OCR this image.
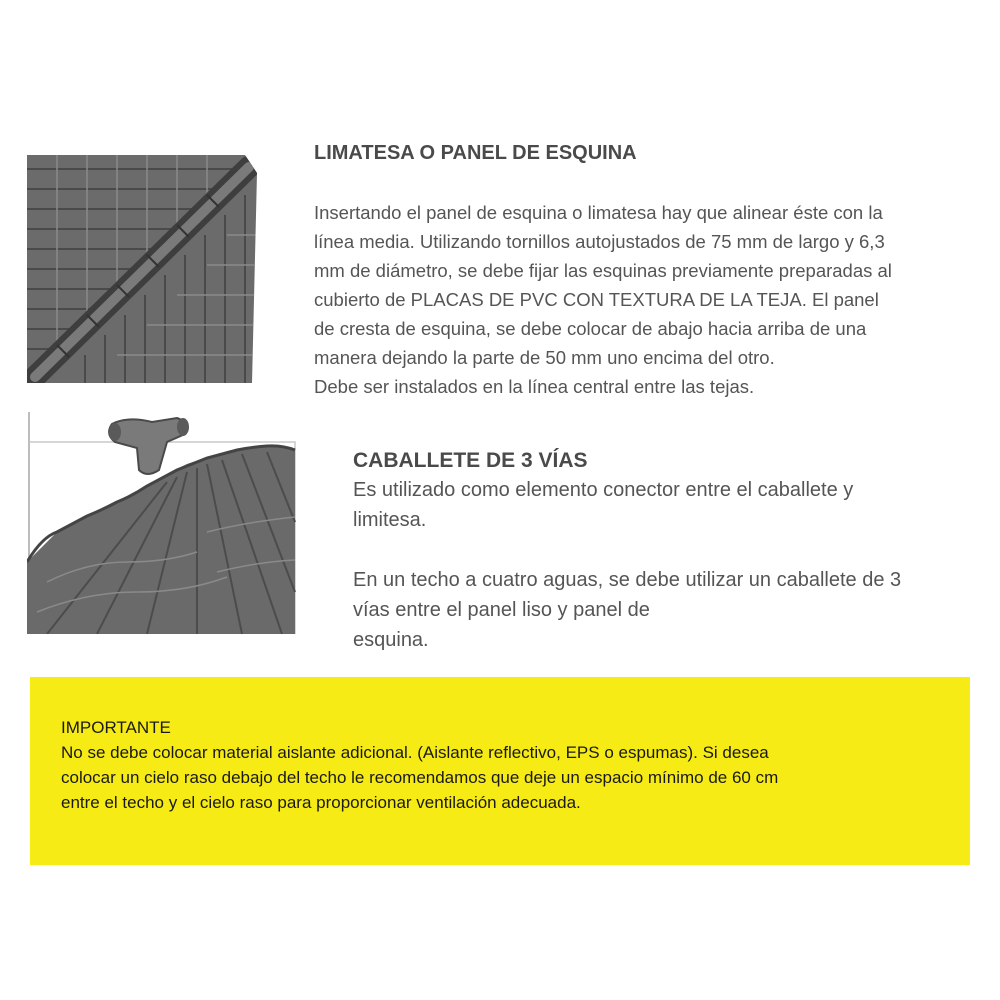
LIMATESA O PANEL DE ESQUINA

Insertando el panel de esquina o limatesa hay que alinear éste con la
línea media. Utilizando tornillos autojustados de 75 mm de largo y 6,3
mm de diámetro, se debe fijar las esquinas previamente preparadas al
cubierto de PLACAS DE PVC CON TEXTURA DE LA TEJA. El panel
de cresta de esquina, se debe colocar de abajo hacia arriba de una
manera dejando la parte de 50 mm uno encima del otro.
Debe ser instalados en la línea central entre las tejas.

CABALLETE DE 3 VÍAS

Es utilizado como elemento conector entre el caballete y
limitesa.

En un techo a cuatro aguas, se debe utilizar un caballete de 3
vías entre el panel liso y panel de
esquina.

IMPORTANTE
No se debe colocar material aislante adicional. (Aislante reflectivo, EPS o espumas). Si desea
colocar un cielo raso debajo del techo le recomendamos que deje un espacio mínimo de 60 cm
entre el techo y el cielo raso para proporcionar ventilación adecuada.
